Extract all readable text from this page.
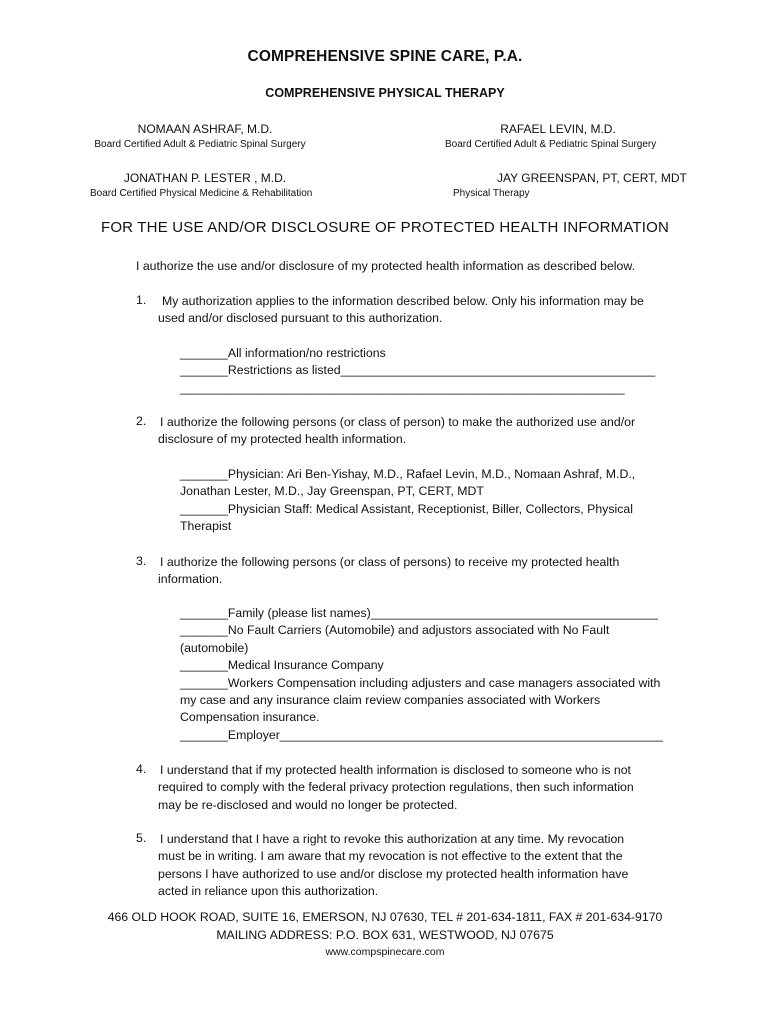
COMPREHENSIVE SPINE CARE, P.A.
COMPREHENSIVE PHYSICAL THERAPY
NOMAAN ASHRAF, M.D.
Board Certified Adult & Pediatric Spinal Surgery
RAFAEL LEVIN, M.D.
Board Certified Adult & Pediatric Spinal Surgery
JONATHAN P. LESTER , M.D.
Board Certified Physical Medicine & Rehabilitation
JAY GREENSPAN, PT, CERT, MDT
Physical Therapy
FOR THE USE AND/OR DISCLOSURE OF PROTECTED HEALTH INFORMATION
I authorize the use and/or disclosure of my protected health information as described below.
1.	My authorization applies to the information described below. Only his information may be
used and/or disclosed pursuant to this authorization.
_______All information/no restrictions
_______Restrictions as listed______________________________________________
_________________________________________________________________
2. I authorize the following persons (or class of person) to make the authorized use and/or
disclosure of my protected health information.
_______Physician: Ari Ben-Yishay, M.D., Rafael Levin, M.D., Nomaan Ashraf, M.D.,
Jonathan Lester, M.D., Jay Greenspan, PT, CERT, MDT
_______Physician Staff: Medical Assistant, Receptionist, Biller, Collectors, Physical
Therapist
3. I authorize the following persons (or class of persons) to receive my protected health
information.
_______Family (please list names)__________________________________________
_______No Fault Carriers (Automobile) and adjustors associated with No Fault
(automobile)
_______Medical Insurance Company
_______Workers Compensation including adjusters and case managers associated with
my case and any insurance claim review companies associated with Workers
Compensation insurance.
_______Employer________________________________________________________
4. I understand that if my protected health information is disclosed to someone who is not
required to comply with the federal privacy protection regulations, then such information
may be re-disclosed and would no longer be protected.
5. I understand that I have a right to revoke this authorization at any time. My revocation
must be in writing. I am aware that my revocation is not effective to the extent that the
persons I have authorized to use and/or disclose my protected health information have
acted in reliance upon this authorization.
466 OLD HOOK ROAD, SUITE 16, EMERSON, NJ 07630, TEL # 201-634-1811, FAX # 201-634-9170
MAILING ADDRESS: P.O. BOX 631, WESTWOOD, NJ 07675
www.compspinecare.com
